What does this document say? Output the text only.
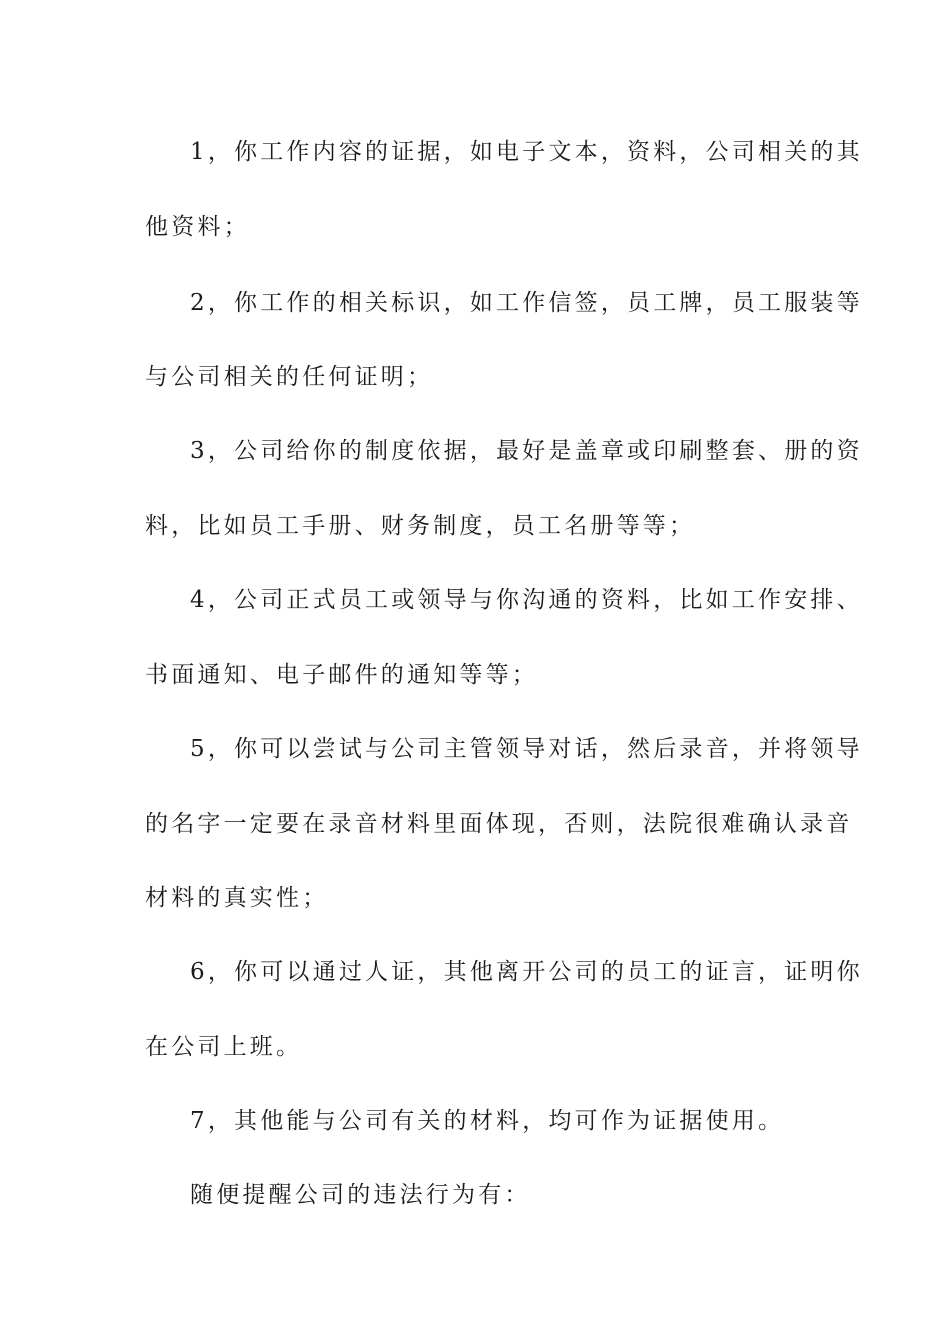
1，你工作内容的证据，如电子文本，资料，公司相关的其
他资料；
2，你工作的相关标识，如工作信签，员工牌，员工服装等
与公司相关的任何证明；
3，公司给你的制度依据，最好是盖章或印刷整套、册的资
料，比如员工手册、财务制度，员工名册等等；
4，公司正式员工或领导与你沟通的资料，比如工作安排、
书面通知、电子邮件的通知等等；
5，你可以尝试与公司主管领导对话，然后录音，并将领导
的名字一定要在录音材料里面体现，否则，法院很难确认录音
材料的真实性；
6，你可以通过人证，其他离开公司的员工的证言，证明你
在公司上班。
7，其他能与公司有关的材料，均可作为证据使用。
随便提醒公司的违法行为有：
